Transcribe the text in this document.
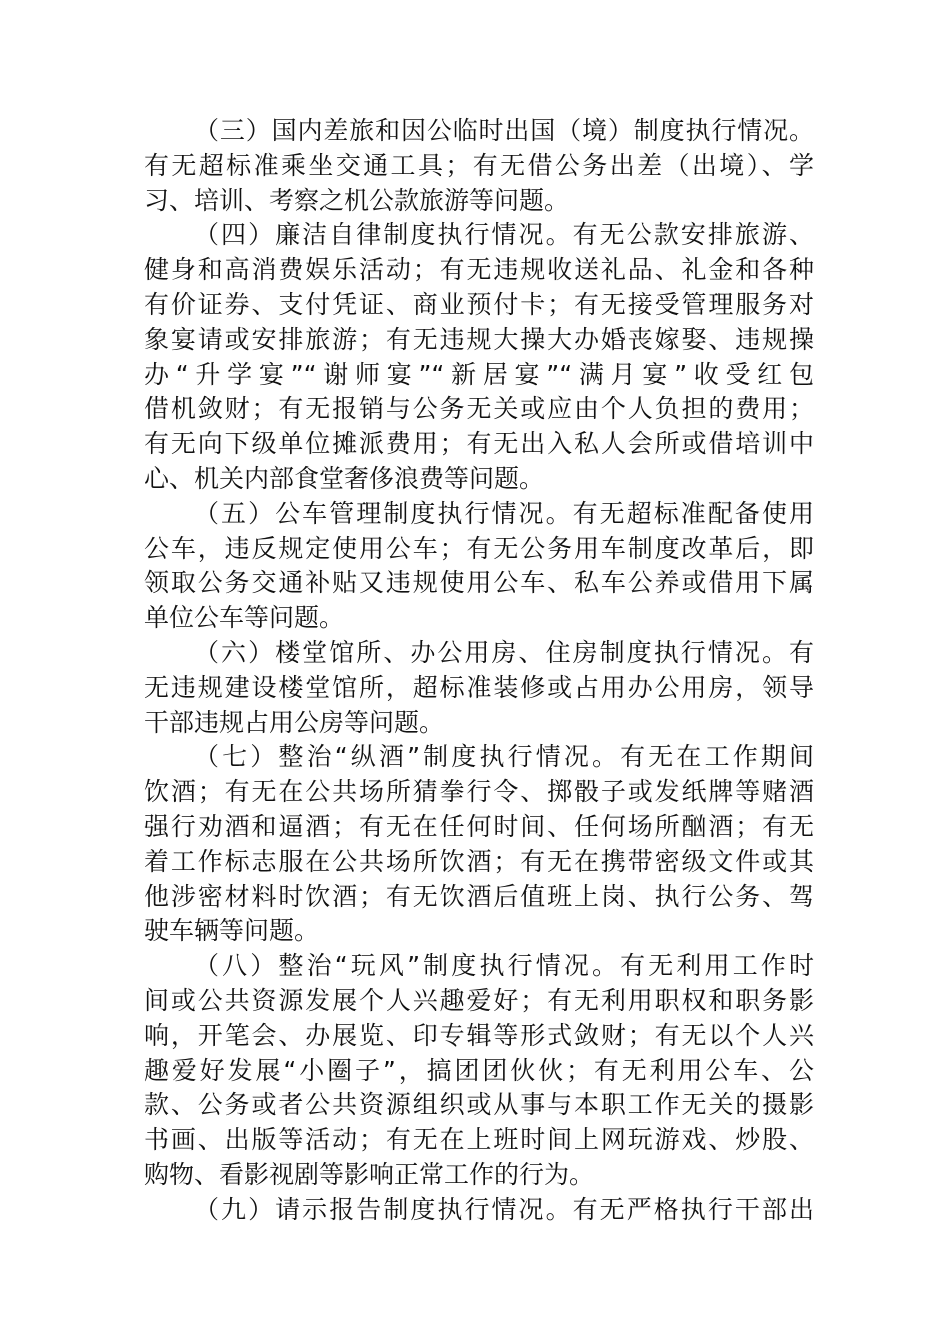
（三）国内差旅和因公临时出国（境）制度执行情况。
有无超标准乘坐交通工具；有无借公务出差（出境）、学
习、培训、考察之机公款旅游等问题。
（四）廉洁自律制度执行情况。有无公款安排旅游、
健身和高消费娱乐活动；有无违规收送礼品、礼金和各种
有价证券、支付凭证、商业预付卡；有无接受管理服务对
象宴请或安排旅游；有无违规大操大办婚丧嫁娶、违规操
办“升学宴”“谢师宴”“新居宴”“满月宴”收受红包
借机敛财；有无报销与公务无关或应由个人负担的费用；
有无向下级单位摊派费用；有无出入私人会所或借培训中
心、机关内部食堂奢侈浪费等问题。
（五）公车管理制度执行情况。有无超标准配备使用
公车，违反规定使用公车；有无公务用车制度改革后，即
领取公务交通补贴又违规使用公车、私车公养或借用下属
单位公车等问题。
（六）楼堂馆所、办公用房、住房制度执行情况。有
无违规建设楼堂馆所，超标准装修或占用办公用房，领导
干部违规占用公房等问题。
（七）整治“纵酒”制度执行情况。有无在工作期间
饮酒；有无在公共场所猜拳行令、掷骰子或发纸牌等赌酒
强行劝酒和逼酒；有无在任何时间、任何场所酗酒；有无
着工作标志服在公共场所饮酒；有无在携带密级文件或其
他涉密材料时饮酒；有无饮酒后值班上岗、执行公务、驾
驶车辆等问题。
（八）整治“玩风”制度执行情况。有无利用工作时
间或公共资源发展个人兴趣爱好；有无利用职权和职务影
响，开笔会、办展览、印专辑等形式敛财；有无以个人兴
趣爱好发展“小圈子”，搞团团伙伙；有无利用公车、公
款、公务或者公共资源组织或从事与本职工作无关的摄影
书画、出版等活动；有无在上班时间上网玩游戏、炒股、
购物、看影视剧等影响正常工作的行为。
（九）请示报告制度执行情况。有无严格执行干部出
